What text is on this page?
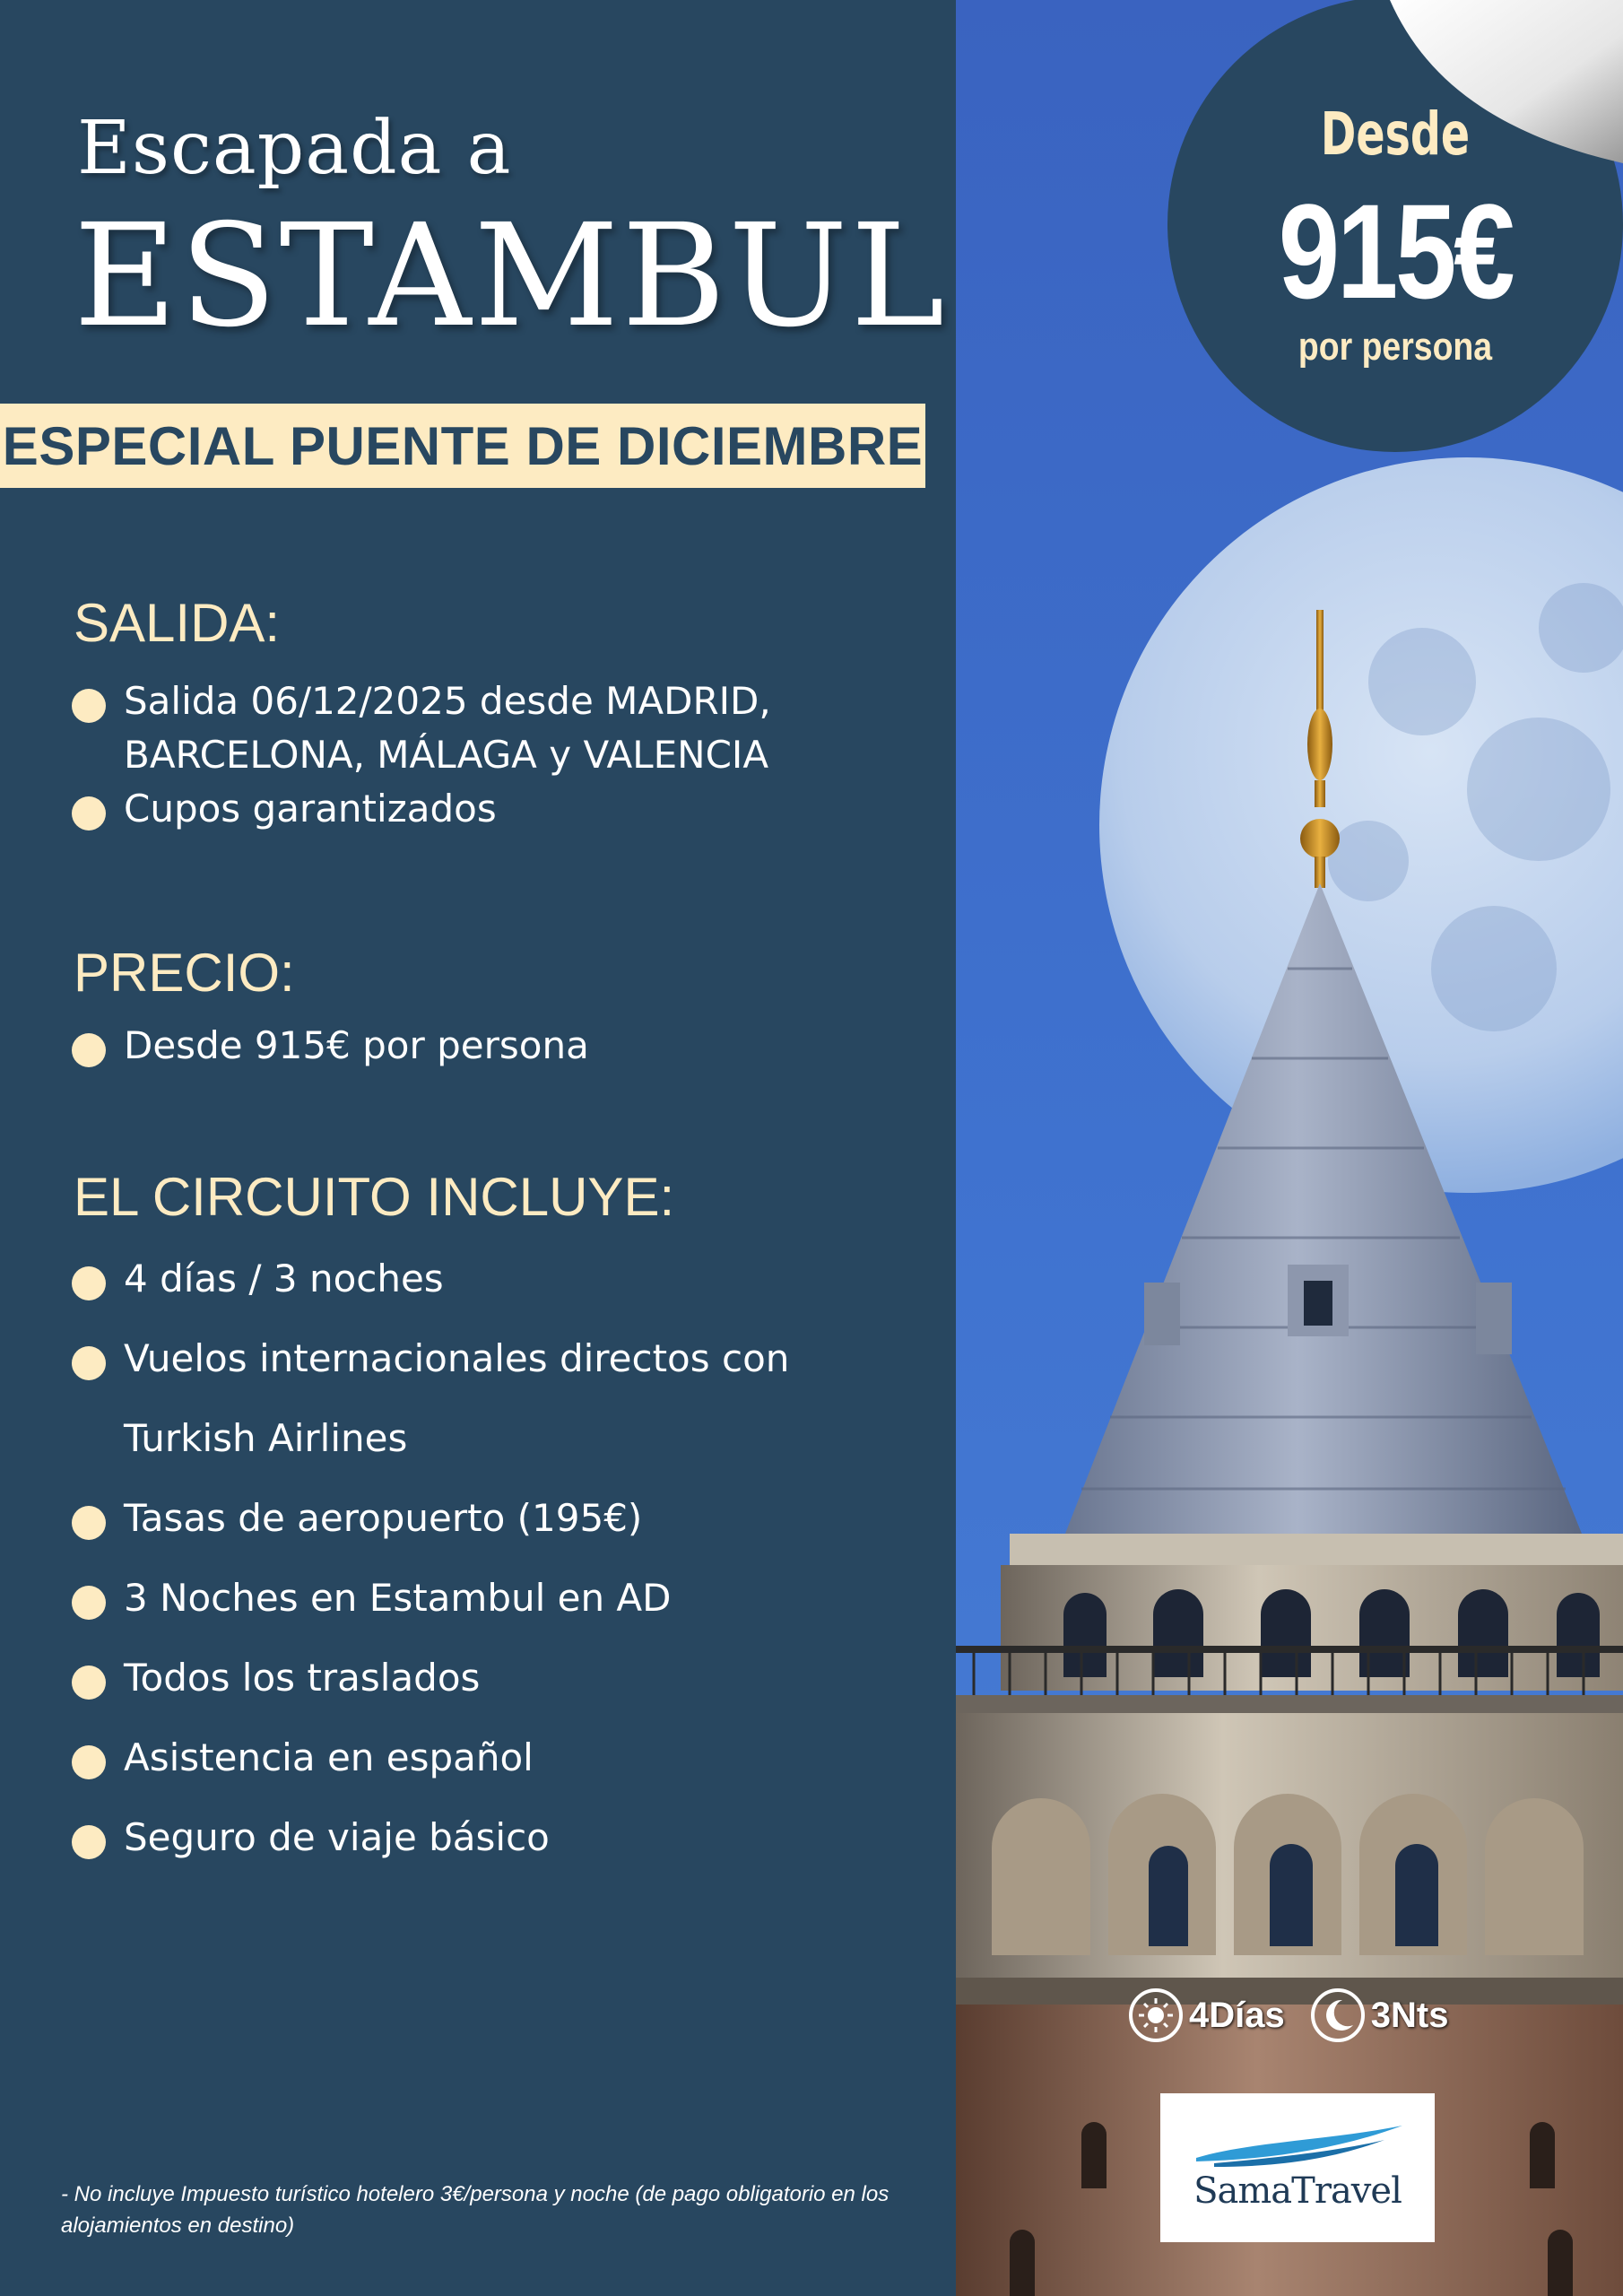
Escapada a
ESTAMBUL
ESPECIAL PUENTE DE DICIEMBRE
SALIDA:
Salida 06/12/2025 desde MADRID,
BARCELONA, MÁLAGA y VALENCIA
Cupos garantizados
PRECIO:
Desde 915€ por persona
EL CIRCUITO INCLUYE:
4 días / 3 noches
Vuelos internacionales directos con
Turkish Airlines
Tasas de aeropuerto (195€)
3 Noches en Estambul en AD
Todos los traslados
Asistencia en español
Seguro de viaje básico

- No incluye Impuesto turístico hotelero 3€/persona y noche (de pago obligatorio en los
alojamientos en destino)

Desde
915€
por persona
4Días 3Nts
SamaTravel
